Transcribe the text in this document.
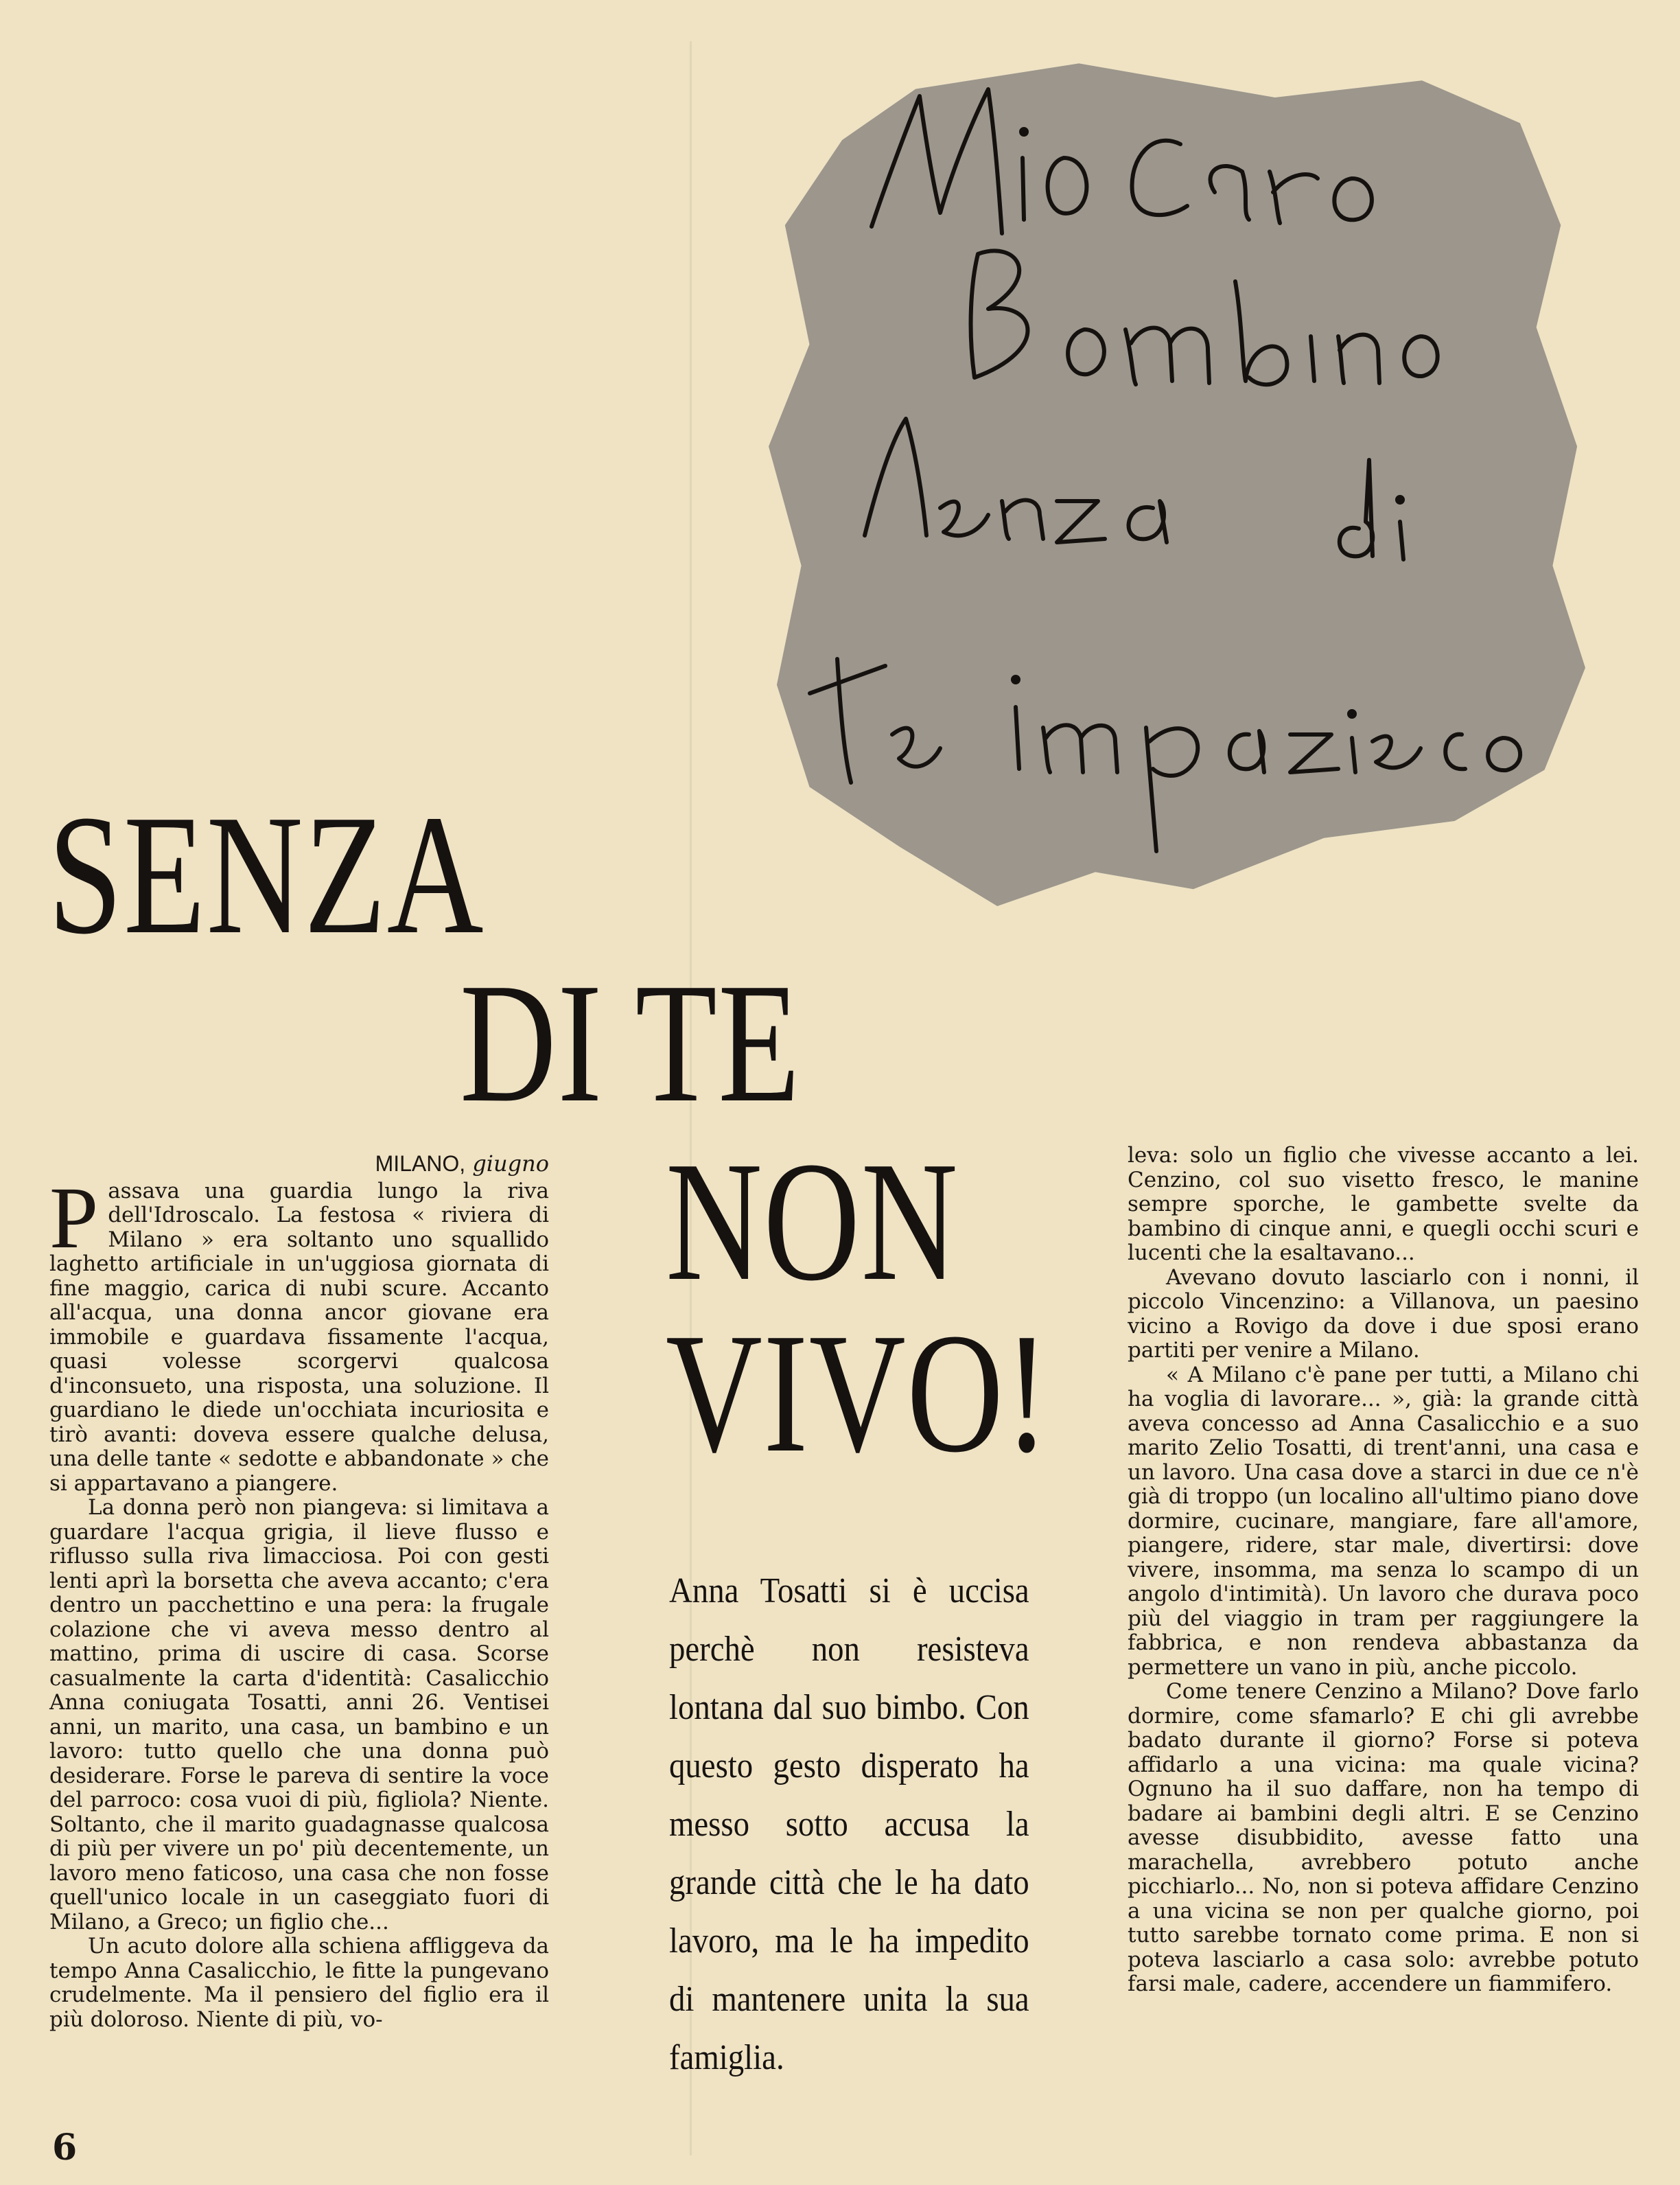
SENZA
DI TE
NON
VIVO!
MILANO, giugno

Passava una guardia lungo la riva dell'Idroscalo. La festosa « riviera di Milano » era soltanto uno squallido laghetto artificiale in un'uggiosa giornata di fine maggio, carica di nubi scure. Accanto all'acqua, una donna ancor giovane era immobile e guardava fissamente l'acqua, quasi volesse scorgervi qualcosa d'inconsueto, una risposta, una soluzione. Il guardiano le diede un'occhiata incuriosita e tirò avanti: doveva essere qualche delusa, una delle tante « sedotte e abbandonate » che si appartavano a piangere.

La donna però non piangeva: si limitava a guardare l'acqua grigia, il lieve flusso e riflusso sulla riva limacciosa. Poi con gesti lenti aprì la borsetta che aveva accanto; c'era dentro un pacchettino e una pera: la frugale colazione che vi aveva messo dentro al mattino, prima di uscire di casa. Scorse casualmente la carta d'identità: Casalicchio Anna coniugata Tosatti, anni 26. Ventisei anni, un marito, una casa, un bambino e un lavoro: tutto quello che una donna può desiderare. Forse le pareva di sentire la voce del parroco: cosa vuoi di più, figliola? Niente. Soltanto, che il marito guadagnasse qualcosa di più per vivere un po' più decentemente, un lavoro meno faticoso, una casa che non fosse quell'unico locale in un caseggiato fuori di Milano, a Greco; un figlio che...

Un acuto dolore alla schiena affliggeva da tempo Anna Casalicchio, le fitte la pungevano crudelmente. Ma il pensiero del figlio era il più doloroso. Niente di più, vo-

Anna Tosatti si è uccisa perchè non resisteva lontana dal suo bimbo. Con questo gesto disperato ha messo sotto accusa la grande città che le ha dato lavoro, ma le ha impedito di mantenere unita la sua famiglia.

leva: solo un figlio che vivesse accanto a lei. Cenzino, col suo visetto fresco, le manine sempre sporche, le gambette svelte da bambino di cinque anni, e quegli occhi scuri e lucenti che la esaltavano...

Avevano dovuto lasciarlo con i nonni, il piccolo Vincenzino: a Villanova, un paesino vicino a Rovigo da dove i due sposi erano partiti per venire a Milano.

« A Milano c'è pane per tutti, a Milano chi ha voglia di lavorare... », già: la grande città aveva concesso ad Anna Casalicchio e a suo marito Zelio Tosatti, di trent'anni, una casa e un lavoro. Una casa dove a starci in due ce n'è già di troppo (un localino all'ultimo piano dove dormire, cucinare, mangiare, fare all'amore, piangere, ridere, star male, divertirsi: dove vivere, insomma, ma senza lo scampo di un angolo d'intimità). Un lavoro che durava poco più del viaggio in tram per raggiungere la fabbrica, e non rendeva abbastanza da permettere un vano in più, anche piccolo.

Come tenere Cenzino a Milano? Dove farlo dormire, come sfamarlo? E chi gli avrebbe badato durante il giorno? Forse si poteva affidarlo a una vicina: ma quale vicina? Ognuno ha il suo daffare, non ha tempo di badare ai bambini degli altri. E se Cenzino avesse disubbidito, avesse fatto una marachella, avrebbero potuto anche picchiarlo... No, non si poteva affidare Cenzino a una vicina se non per qualche giorno, poi tutto sarebbe tornato come prima. E non si poteva lasciarlo a casa solo: avrebbe potuto farsi male, cadere, accendere un fiammifero.

6
